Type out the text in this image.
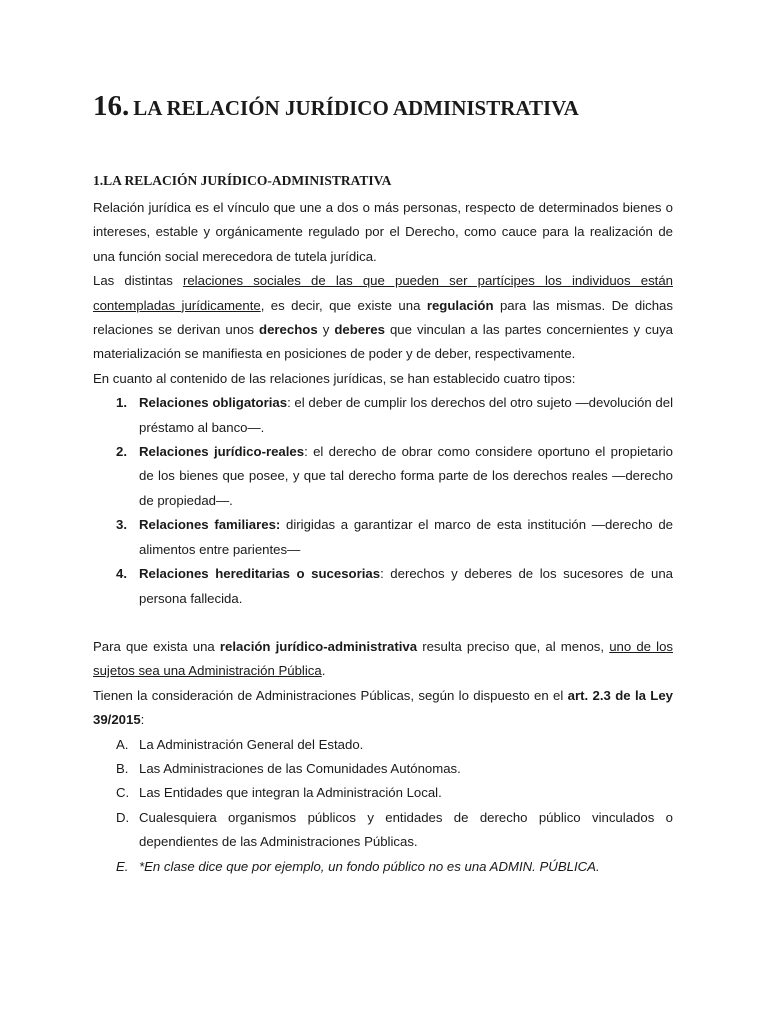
16. LA RELACIÓN JURÍDICO ADMINISTRATIVA
1.LA RELACIÓN JURÍDICO-ADMINISTRATIVA

Relación jurídica es el vínculo que une a dos o más personas, respecto de determinados bienes o intereses, estable y orgánicamente regulado por el Derecho, como cauce para la realización de una función social merecedora de tutela jurídica.

Las distintas relaciones sociales de las que pueden ser partícipes los individuos están contempladas jurídicamente, es decir, que existe una regulación para las mismas. De dichas relaciones se derivan unos derechos y deberes que vinculan a las partes concernientes y cuya materialización se manifiesta en posiciones de poder y de deber, respectivamente.

En cuanto al contenido de las relaciones jurídicas, se han establecido cuatro tipos:

1. Relaciones obligatorias: el deber de cumplir los derechos del otro sujeto —devolución del préstamo al banco—.
2. Relaciones jurídico-reales: el derecho de obrar como considere oportuno el propietario de los bienes que posee, y que tal derecho forma parte de los derechos reales —derecho de propiedad—.
3. Relaciones familiares: dirigidas a garantizar el marco de esta institución —derecho de alimentos entre parientes—
4. Relaciones hereditarias o sucesorias: derechos y deberes de los sucesores de una persona fallecida.

Para que exista una relación jurídico-administrativa resulta preciso que, al menos, uno de los sujetos sea una Administración Pública.

Tienen la consideración de Administraciones Públicas, según lo dispuesto en el art. 2.3 de la Ley 39/2015:

A. La Administración General del Estado.
B. Las Administraciones de las Comunidades Autónomas.
C. Las Entidades que integran la Administración Local.
D. Cualesquiera organismos públicos y entidades de derecho público vinculados o dependientes de las Administraciones Públicas.
E. *En clase dice que por ejemplo, un fondo público no es una ADMIN. PÚBLICA.
